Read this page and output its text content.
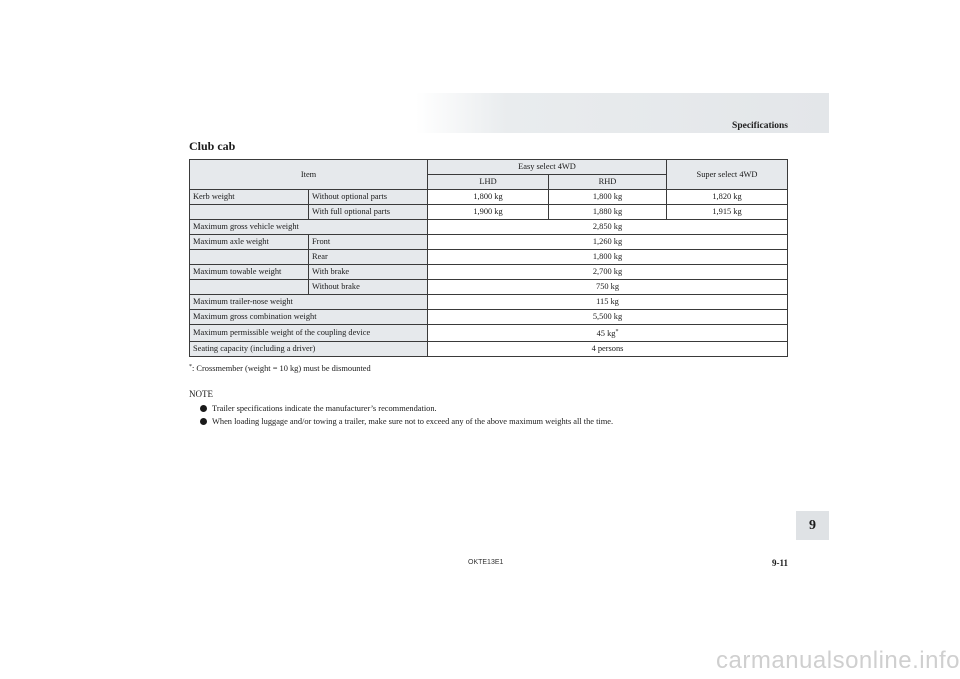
Specifications
Club cab
Item		Easy select 4WD		Super select 4WD
		LHD	RHD	
Kerb weight	Without optional parts	1,800 kg	1,800 kg	1,820 kg
	With full optional parts	1,900 kg	1,880 kg	1,915 kg
Maximum gross vehicle weight		2,850 kg		
Maximum axle weight	Front	1,260 kg		
	Rear	1,800 kg		
Maximum towable weight	With brake	2,700 kg		
	Without brake	750 kg		
Maximum trailer-nose weight		115 kg		
Maximum gross combination weight		5,500 kg		
Maximum permissible weight of the coupling device		45 kg*
Seating capacity (including a driver)		4 persons		
*: Crossmember (weight = 10 kg) must be dismounted
NOTE
Trailer specifications indicate the manufacturer’s recommendation.
When loading luggage and/or towing a trailer, make sure not to exceed any of the above maximum weights all the time.
9
OKTE13E1	9-11
carmanualsonline.info
